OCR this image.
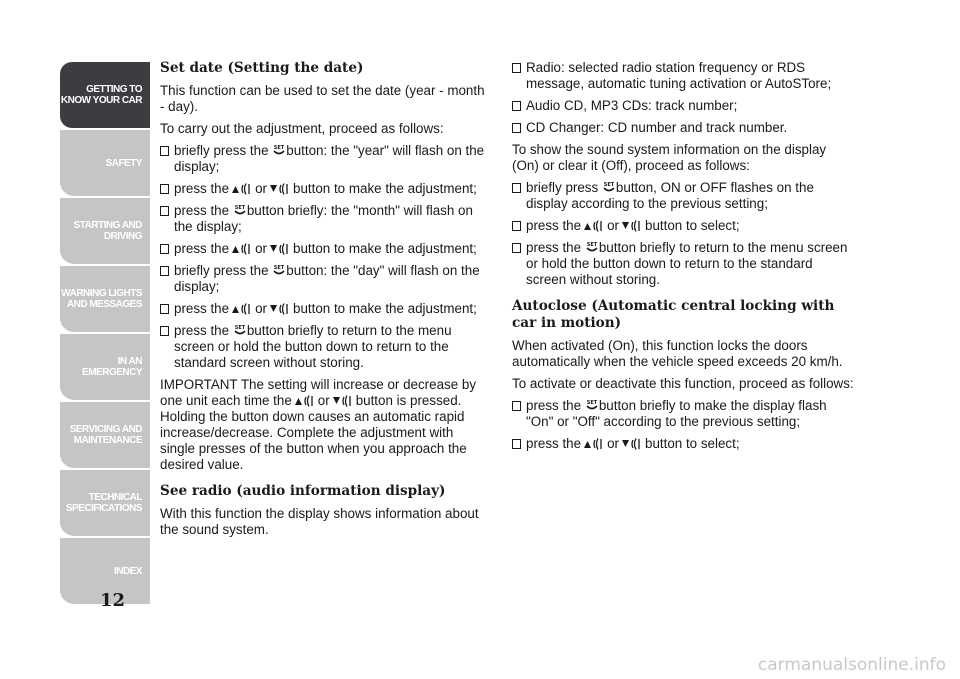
GETTING TO
KNOW YOUR CAR
SAFETY
STARTING AND
DRIVING
WARNING LIGHTS
AND MESSAGES
IN AN EMERGENCY
SERVICING AND
MAINTENANCE
TECHNICAL
SPECIFICATIONS
INDEX
12
Set date (Setting the date)

This function can be used to set the date (year - month - day).

To carry out the adjustment, proceed as follows:

briefly press the button: the "year" will flash on the display;
press the or button to make the adjustment;
press the button briefly: the "month" will flash on the display;
press the or button to make the adjustment;
briefly press the button: the "day" will flash on the display;
press the or button to make the adjustment;
press the button briefly to return to the menu screen or hold the button down to return to the standard screen without storing.

IMPORTANT The setting will increase or decrease by one unit each time the or button is pressed. Holding the button down causes an automatic rapid increase/decrease. Complete the adjustment with single presses of the button when you approach the desired value.

See radio (audio information display)

With this function the display shows information about the sound system.

Radio: selected radio station frequency or RDS message, automatic tuning activation or AutoSTore;
Audio CD, MP3 CDs: track number;
CD Changer: CD number and track number.

To show the sound system information on the display (On) or clear it (Off), proceed as follows:

briefly press button, ON or OFF flashes on the display according to the previous setting;
press the or button to select;
press the button briefly to return to the menu screen or hold the button down to return to the standard screen without storing.
Autoclose (Automatic central locking with car in motion)

When activated (On), this function locks the doors automatically when the vehicle speed exceeds 20 km/h.

To activate or deactivate this function, proceed as follows:

press the button briefly to make the display flash "On" or "Off" according to the previous setting;
press the or button to select;
carmanualsonline.info
